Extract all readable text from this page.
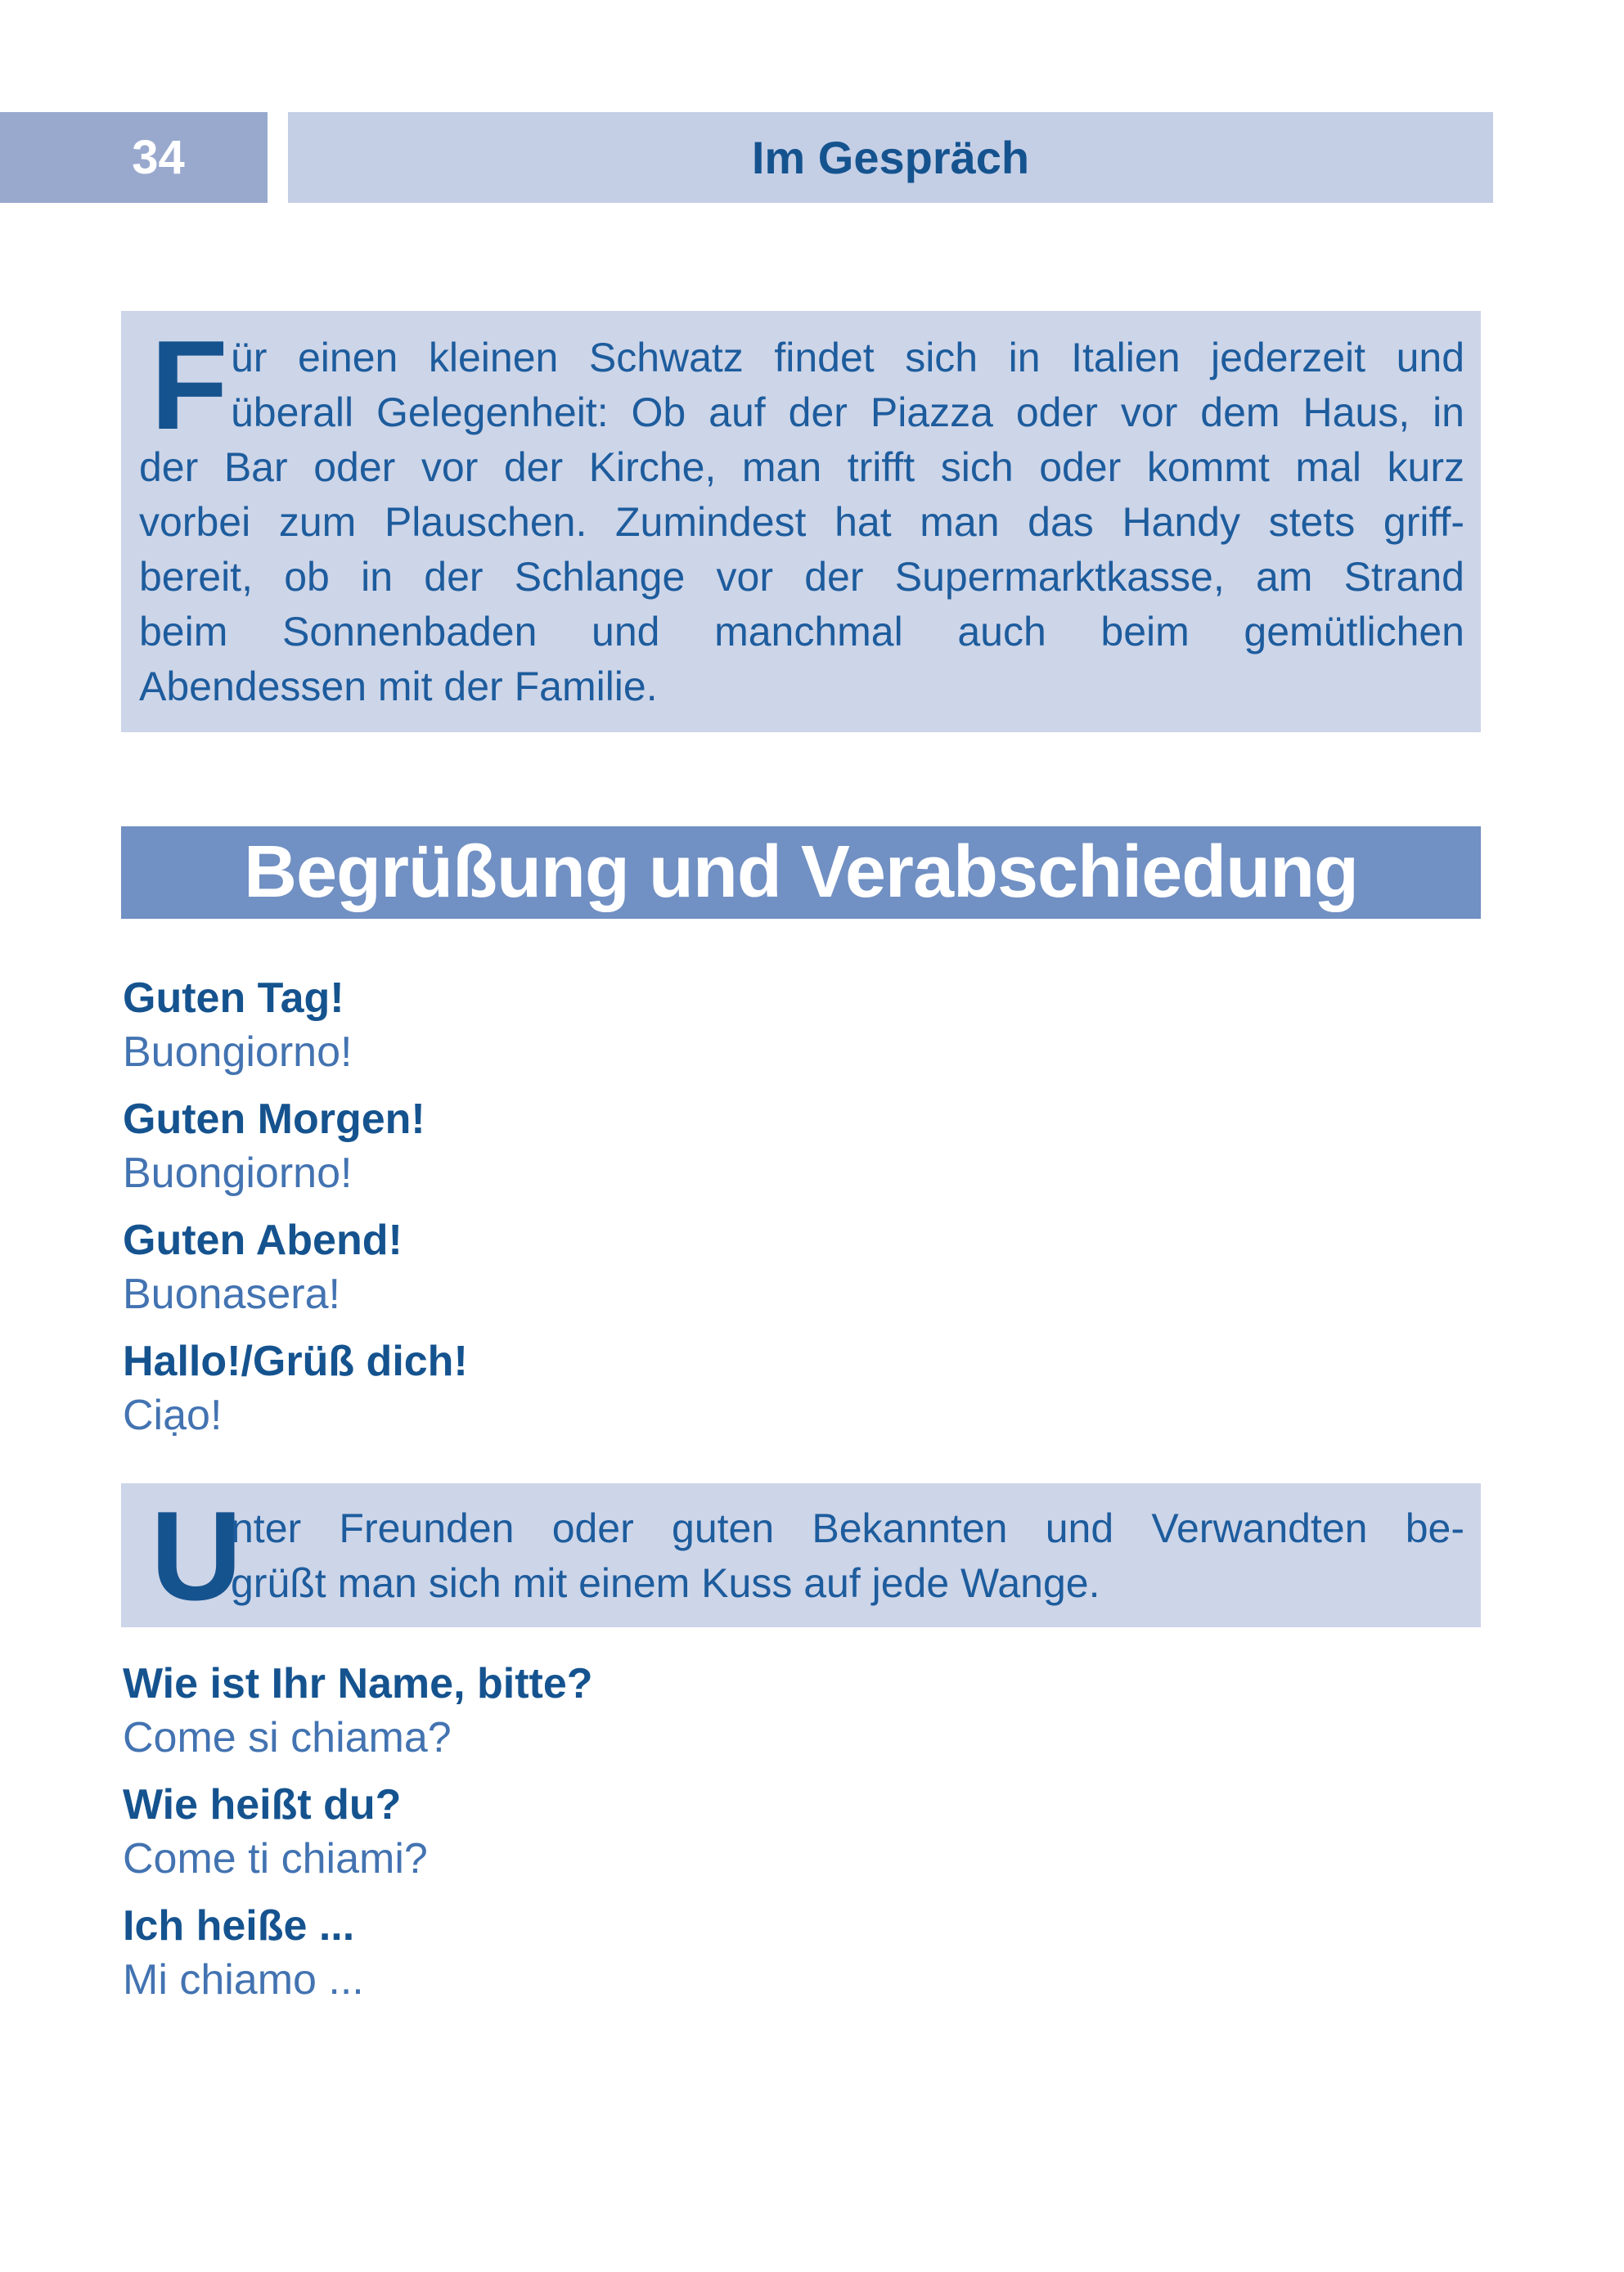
34	Im Gespräch
F ür einen kleinen Schwatz findet sich in Italien jederzeit und
überall Gelegenheit: Ob auf der Piazza oder vor dem Haus, in
der Bar oder vor der Kirche, man trifft sich oder kommt mal kurz
vorbei zum Plauschen. Zumindest hat man das Handy stets griff-
bereit, ob in der Schlange vor der Supermarktkasse, am Strand
beim Sonnenbaden und manchmal auch beim gemütlichen
Abendessen mit der Familie.
Begrüßung und Verabschiedung
Guten Tag!
Buongiorno!
Guten Morgen!
Buongiorno!
Guten Abend!
Buonasera!
Hallo!/Grüß dich!
Ciạo!
U
nter Freunden oder guten Bekannten und Verwandten be-
grüßt man sich mit einem Kuss auf jede Wange.
Wie ist Ihr Name, bitte?
Come si chiama?
Wie heißt du?
Come ti chiami?
Ich heiße ...
Mi chiamo ...
